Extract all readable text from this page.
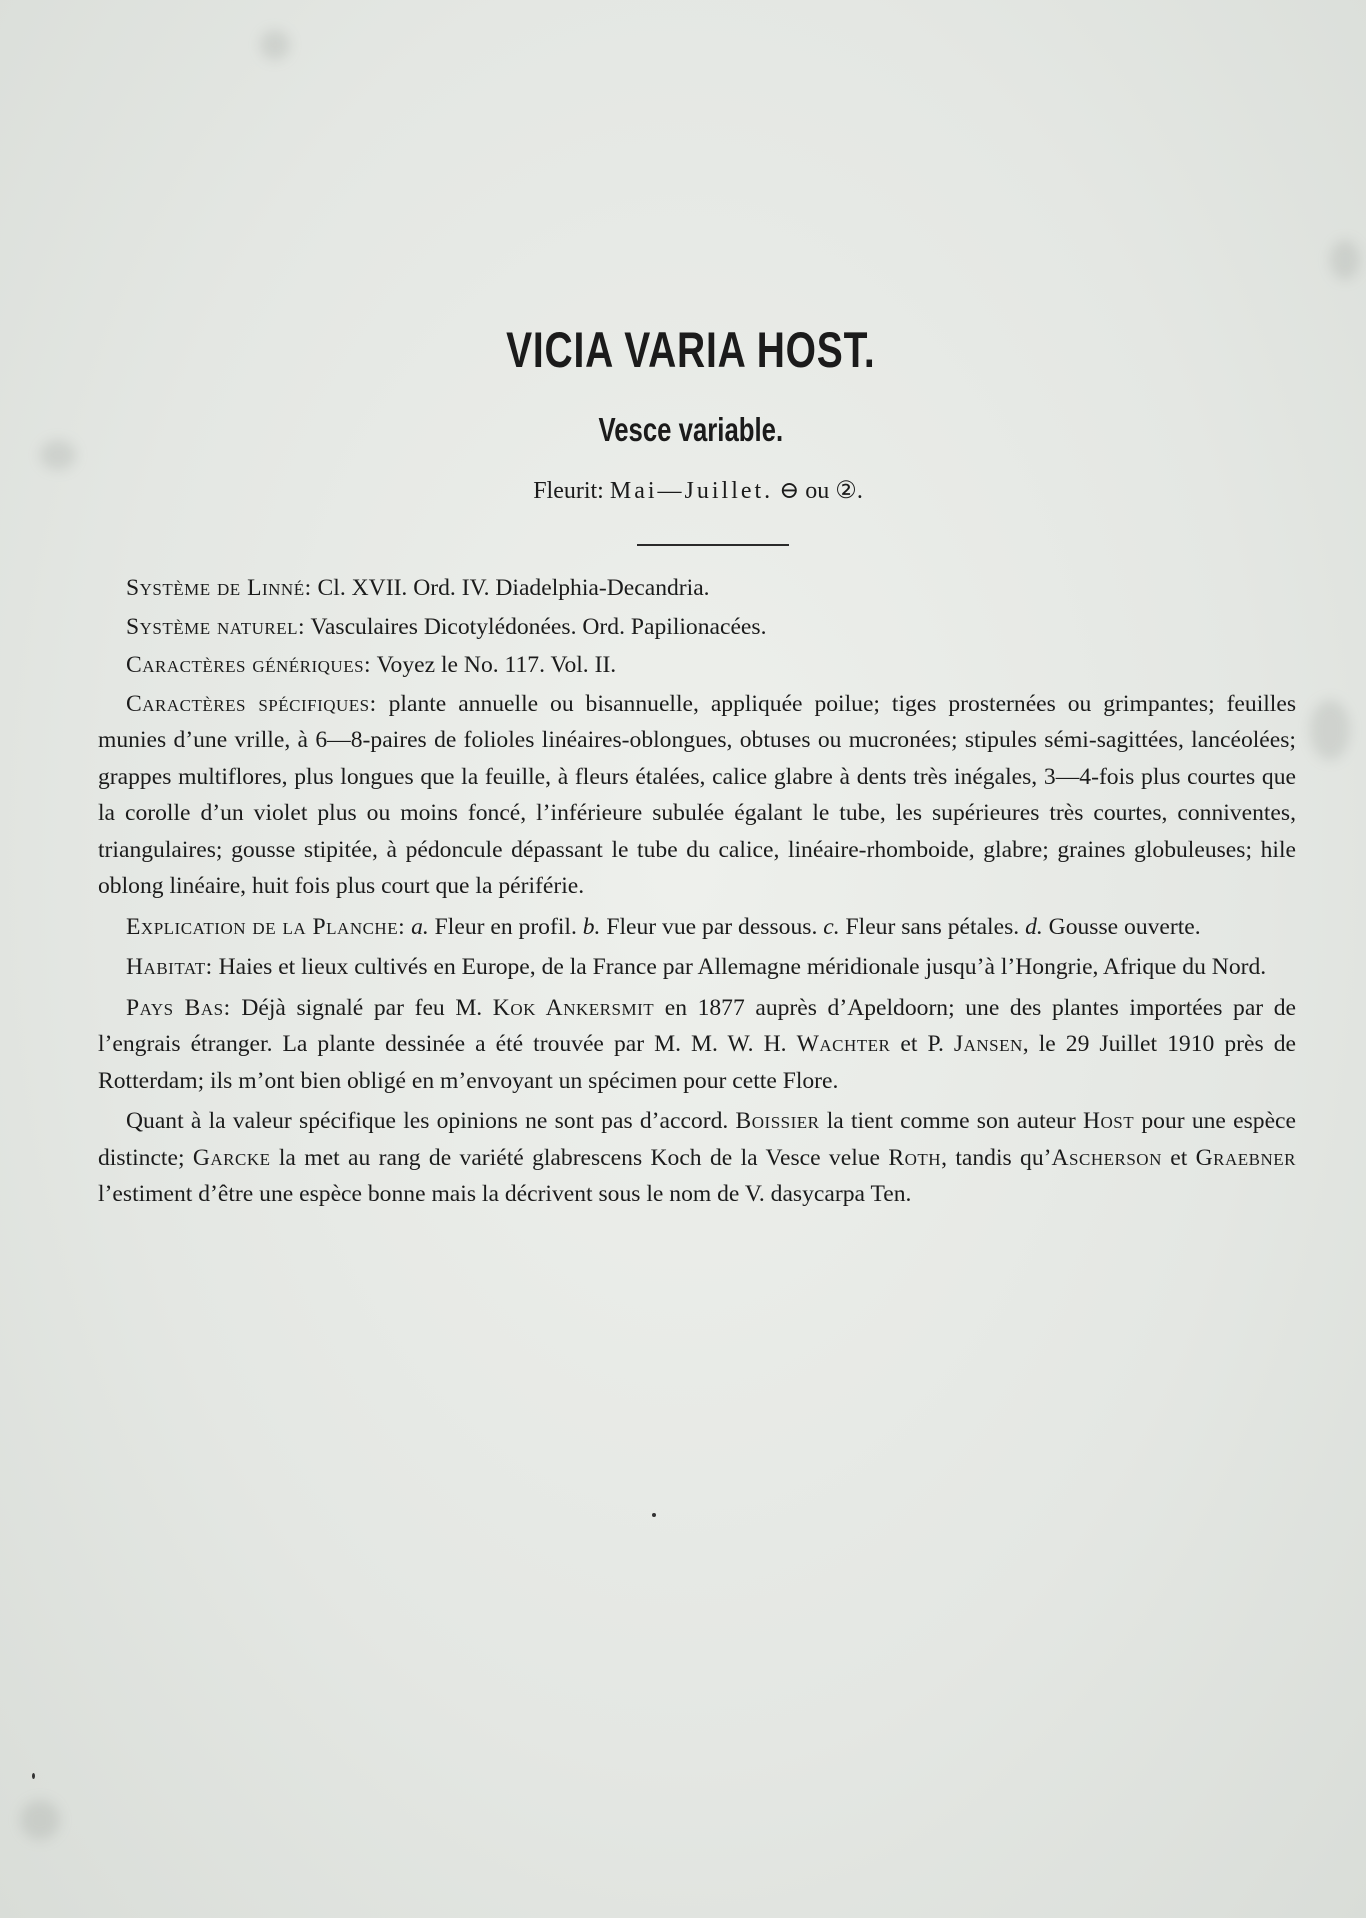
VICIA VARIA HOST.
Vesce variable.
Fleurit: Mai—Juillet. ⊖ ou ②.

Système de Linné: Cl. XVII. Ord. IV. Diadelphia-Decandria.

Système naturel: Vasculaires Dicotylédonées. Ord. Papilionacées.

Caractères génériques: Voyez le No. 117. Vol. II.

Caractères spécifiques: plante annuelle ou bisannuelle, appliquée poilue; tiges prosternées ou grimpantes; feuilles munies d’une vrille, à 6—8-paires de folioles linéaires-oblongues, obtuses ou mucronées; stipules sémi-sagittées, lancéolées; grappes multiflores, plus longues que la feuille, à fleurs étalées, calice glabre à dents très inégales, 3—4-fois plus courtes que la corolle d’un violet plus ou moins foncé, l’inférieure subulée égalant le tube, les supérieures très courtes, conniventes, triangulaires; gousse stipitée, à pédoncule dépassant le tube du calice, linéaire-rhomboide, glabre; graines globuleuses; hile oblong linéaire, huit fois plus court que la périférie.

Explication de la Planche: a. Fleur en profil. b. Fleur vue par dessous. c. Fleur sans pétales. d. Gousse ouverte.

Habitat: Haies et lieux cultivés en Europe, de la France par Allemagne méridionale jusqu’à l’Hongrie, Afrique du Nord.

Pays Bas: Déjà signalé par feu M. Kok Ankersmit en 1877 auprès d’Apeldoorn; une des plantes importées par de l’engrais étranger. La plante dessinée a été trouvée par M. M. W. H. Wachter et P. Jansen, le 29 Juillet 1910 près de Rotterdam; ils m’ont bien obligé en m’envoyant un spécimen pour cette Flore.

Quant à la valeur spécifique les opinions ne sont pas d’accord. Boissier la tient comme son auteur Host pour une espèce distincte; Garcke la met au rang de variété glabrescens Koch de la Vesce velue Roth, tandis qu’Ascherson et Graebner l’estiment d’être une espèce bonne mais la décrivent sous le nom de V. dasycarpa Ten.
